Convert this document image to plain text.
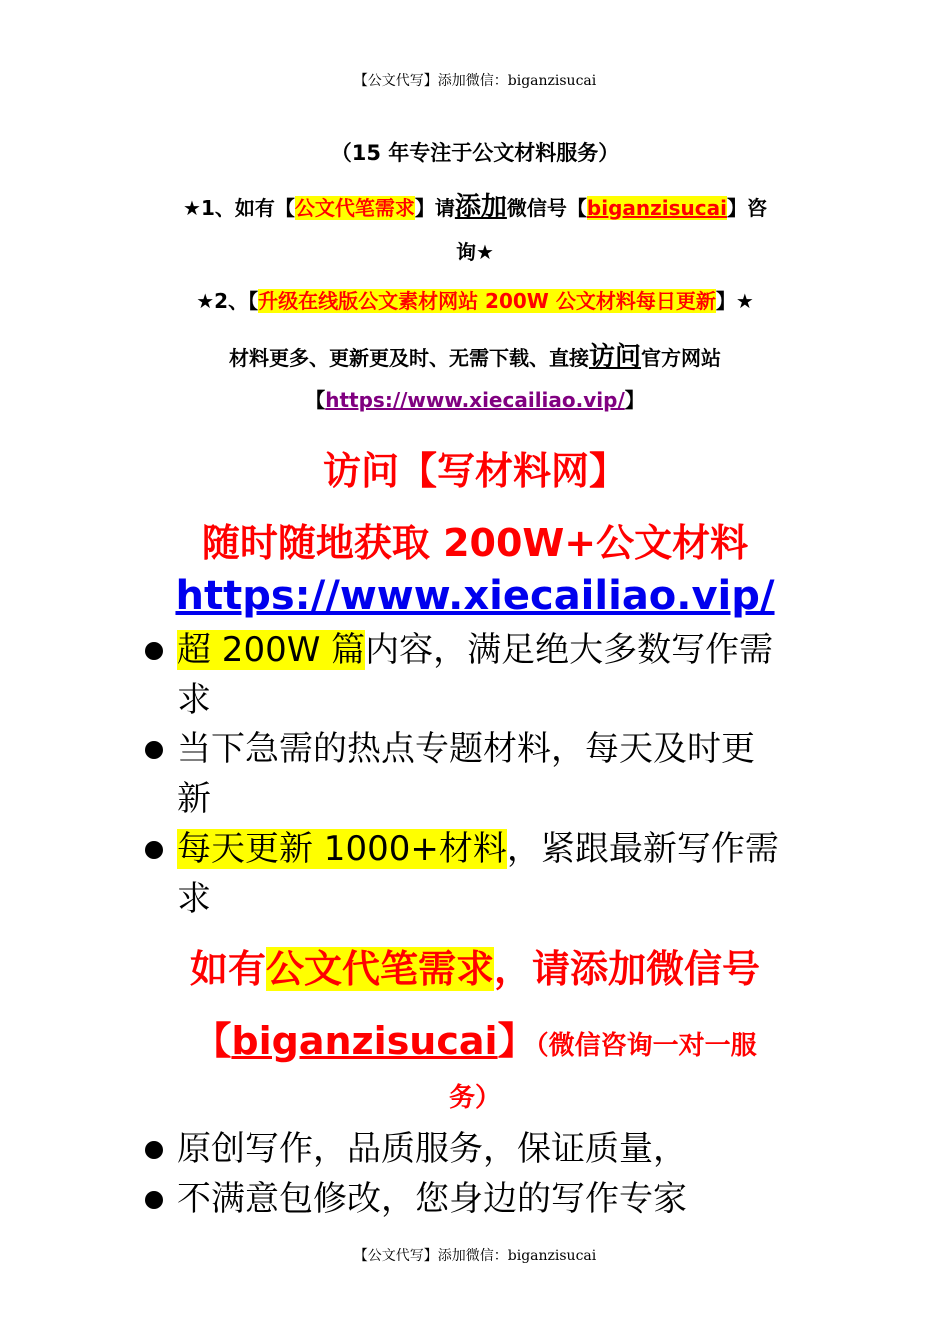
【公文代写】添加微信：biganzisucai
（15 年专注于公文材料服务）
★1、如有【公文代笔需求】请添加微信号【biganzisucai】咨
询★
★2、【升级在线版公文素材网站 200W 公文材料每日更新】★
材料更多、更新更及时、无需下载、直接访问官方网站
【https://www.xiecailiao.vip/】
访问【写材料网】
随时随地获取 200W+公文材料
https://www.xiecailiao.vip/
超 200W 篇内容，满足绝大多数写作需
求
当下急需的热点专题材料，每天及时更
新
每天更新 1000+材料，紧跟最新写作需
求
如有公文代笔需求，请添加微信号
【biganzisucai】（微信咨询一对一服
务）
原创写作，品质服务，保证质量，
不满意包修改，您身边的写作专家
【公文代写】添加微信：biganzisucai
